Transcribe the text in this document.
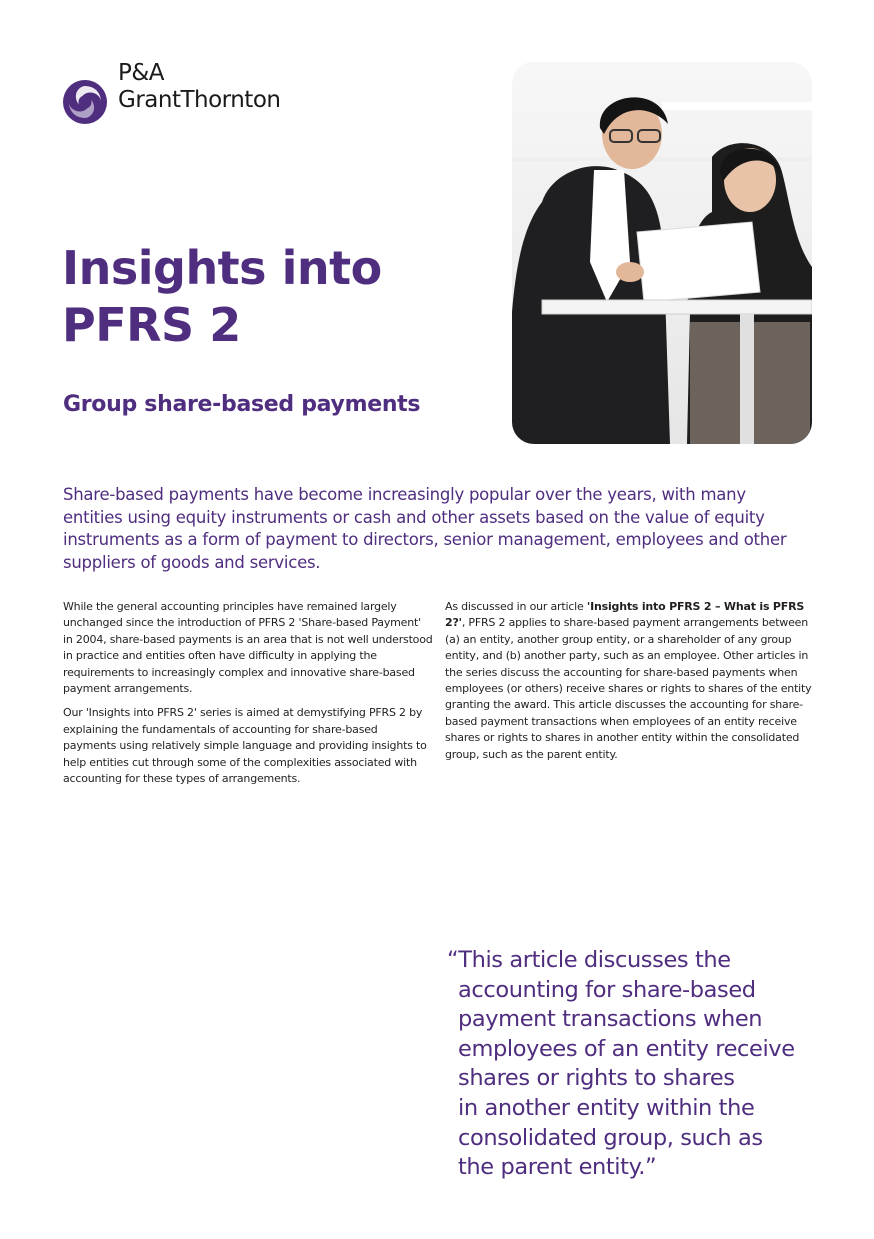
P&A
GrantThornton
Insights into
PFRS 2
Group share-based payments

Share-based payments have become increasingly popular over the years, with many entities using equity instruments or cash and other assets based on the value of equity instruments as a form of payment to directors, senior management, employees and other suppliers of goods and services.

While the general accounting principles have remained largely unchanged since the introduction of PFRS 2 'Share-based Payment' in 2004, share-based payments is an area that is not well understood in practice and entities often have difficulty in applying the requirements to increasingly complex and innovative share-based payment arrangements.

Our 'Insights into PFRS 2' series is aimed at demystifying PFRS 2 by explaining the fundamentals of accounting for share-based payments using relatively simple language and providing insights to help entities cut through some of the complexities associated with accounting for these types of arrangements.

As discussed in our article 'Insights into PFRS 2 – What is PFRS 2?', PFRS 2 applies to share-based payment arrangements between (a) an entity, another group entity, or a shareholder of any group entity, and (b) another party, such as an employee. Other articles in the series discuss the accounting for share-based payments when employees (or others) receive shares or rights to shares of the entity granting the award. This article discusses the accounting for share-based payment transactions when employees of an entity receive shares or rights to shares in another entity within the consolidated group, such as the parent entity.

“This article discusses the
accounting for share-based
payment transactions when
employees of an entity receive
shares or rights to shares
in another entity within the
consolidated group, such as
the parent entity.”
